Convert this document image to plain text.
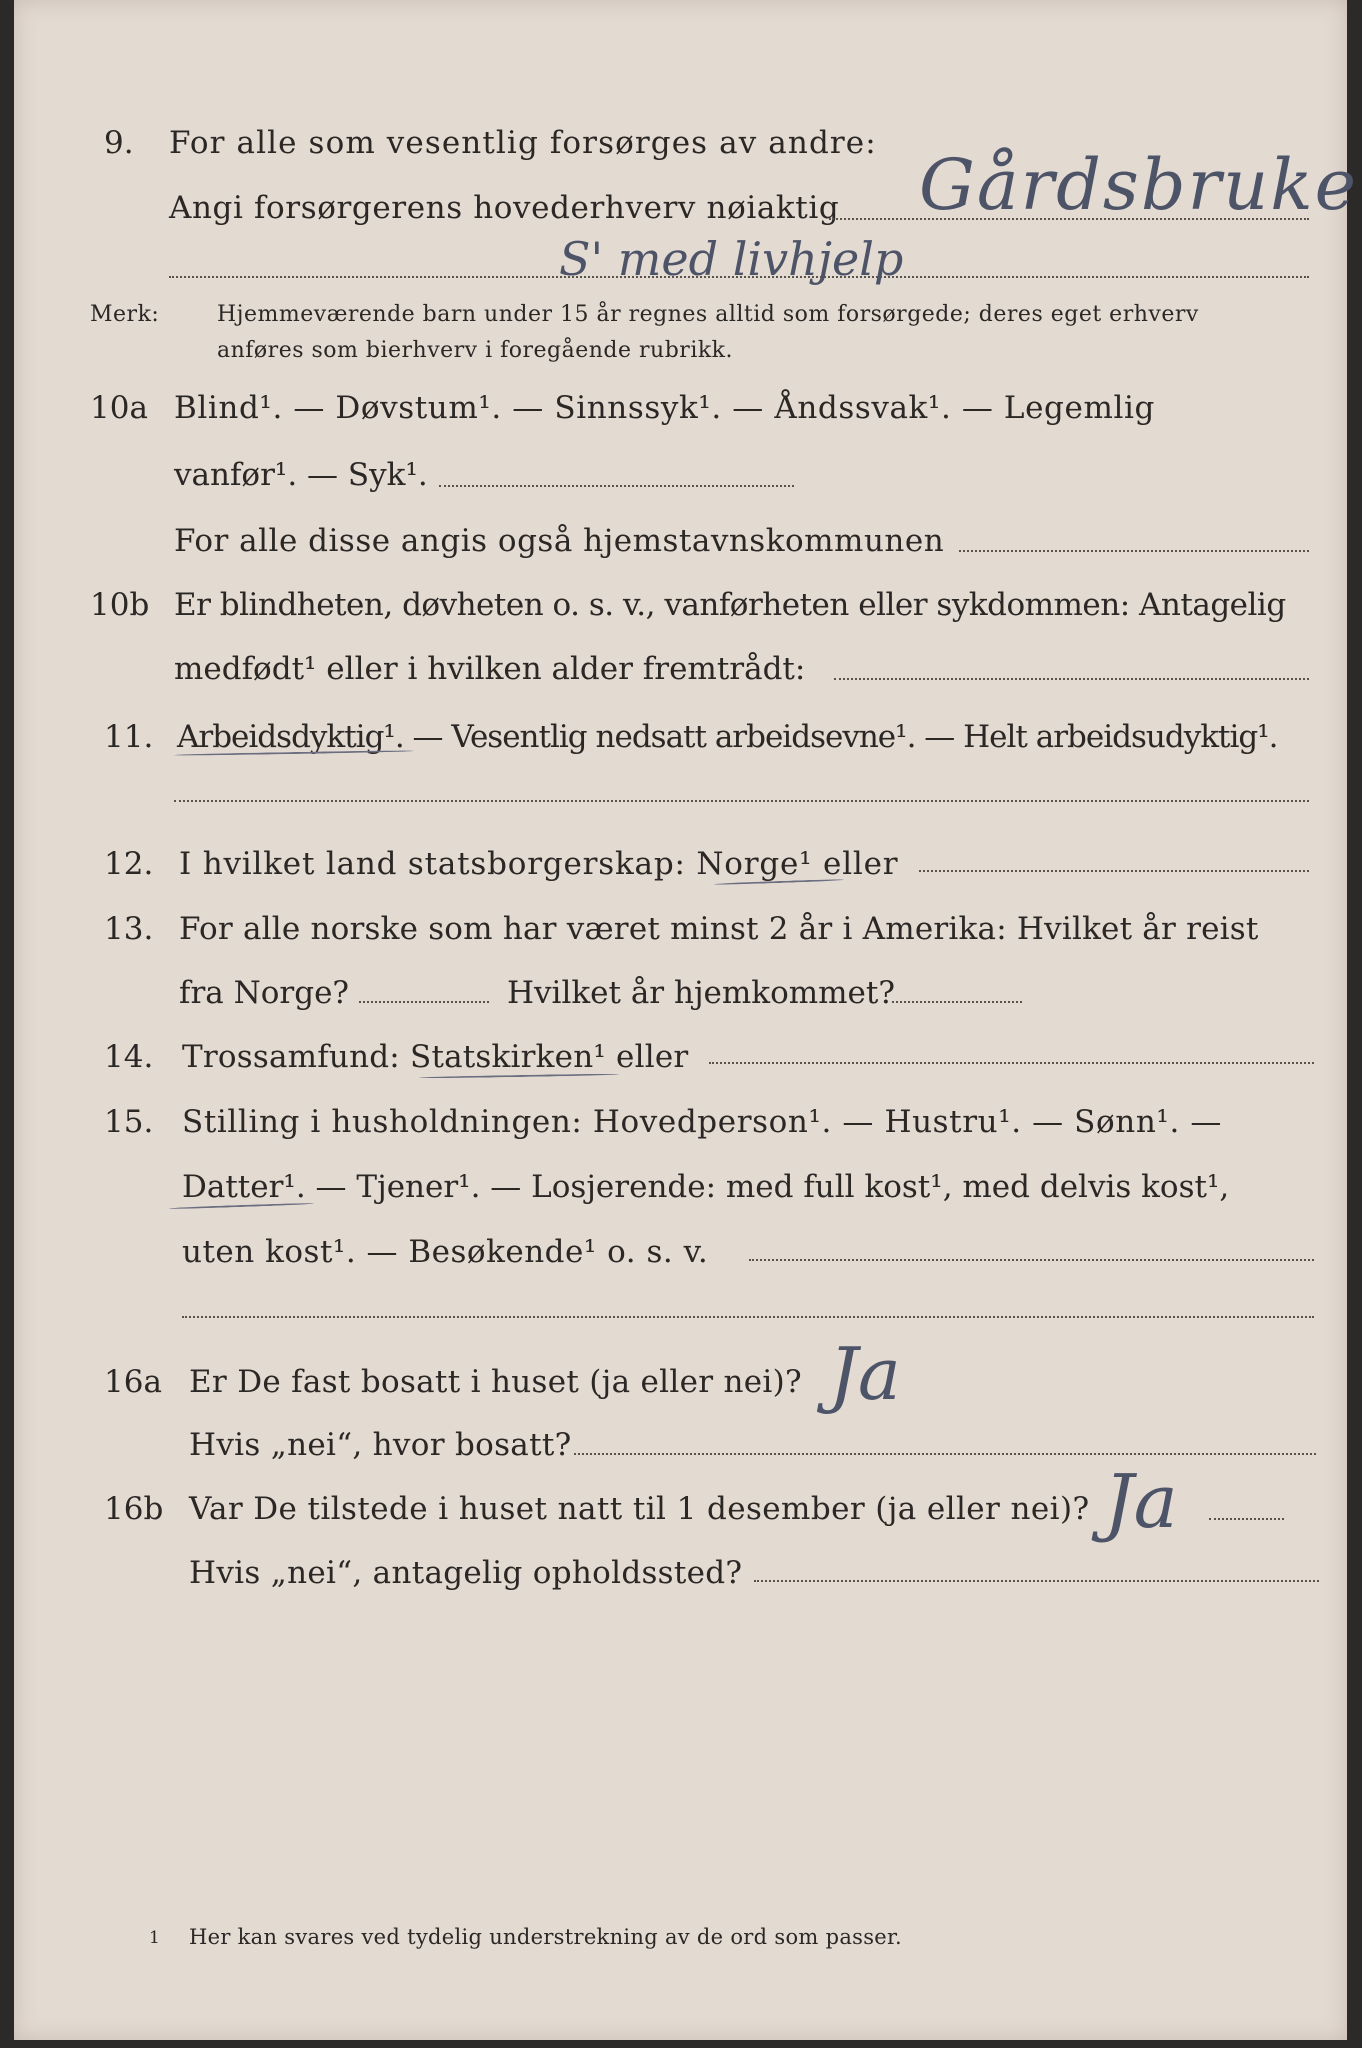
9. For alle som vesentlig forsørges av andre:
Angi forsørgerens hovederhverv nøiaktig Gårdsbruke
S' med livhjelp
Merk:	Hjemmeværende barn under 15 år regnes alltid som forsørgede; deres eget erhverv
anføres som bierhverv i foregående rubrikk.
10a Blind¹. — Døvstum¹. — Sinnssyk¹. — Åndssvak¹. — Legemlig
vanfør¹. — Syk¹.
For alle disse angis også hjemstavnskommunen
10b Er blindheten, døvheten o. s. v., vanførheten eller sykdommen: Antagelig
medfødt¹ eller i hvilken alder fremtrådt:
11. Arbeidsdyktig¹. — Vesentlig nedsatt arbeidsevne¹. — Helt arbeidsudyktig¹.
12. I hvilket land statsborgerskap: Norge¹ eller
13. For alle norske som har været minst 2 år i Amerika: Hvilket år reist
fra Norge?	Hvilket år hjemkommet?
14. Trossamfund: Statskirken¹ eller
15. Stilling i husholdningen: Hovedperson¹. — Hustru¹. — Sønn¹. —
Datter¹. — Tjener¹. — Losjerende: med full kost¹, med delvis kost¹,
uten kost¹. — Besøkende¹ o. s. v.
16a Er De fast bosatt i huset (ja eller nei)? Ja
Hvis „nei“, hvor bosatt?
16b Var De tilstede i huset natt til 1 desember (ja eller nei)? Ja
Hvis „nei“, antagelig opholdssted?
1 Her kan svares ved tydelig understrekning av de ord som passer.
